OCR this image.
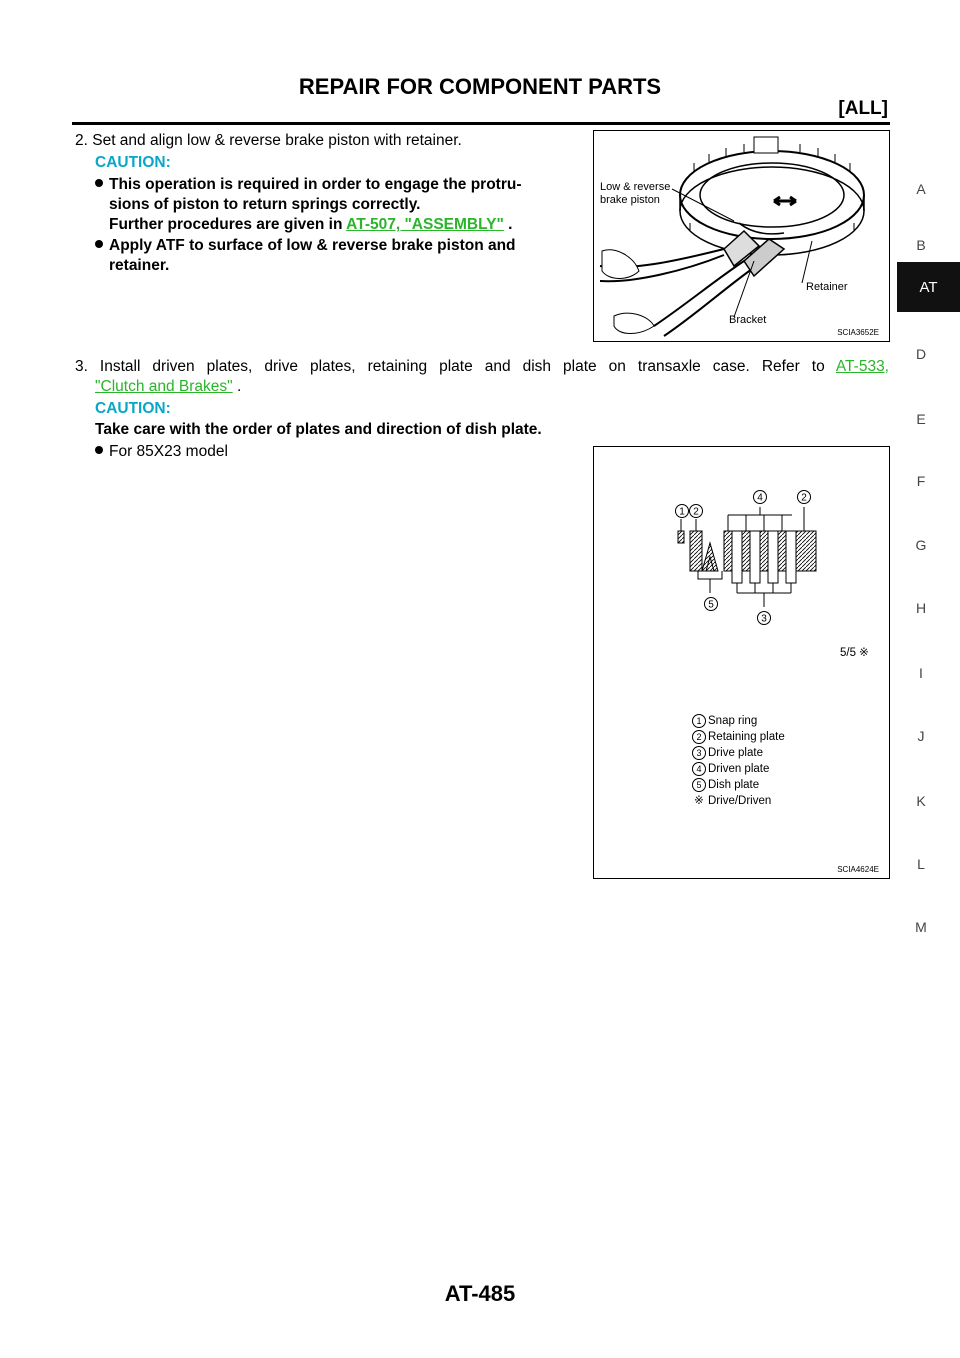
REPAIR FOR COMPONENT PARTS
[ALL]
A
B
AT
D
E
F
G
H
I
J
K
L
M
2. Set and align low & reverse brake piston with retainer.
CAUTION:
This operation is required in order to engage the protru-
sions of piston to return springs correctly.
Further procedures are given in AT-507, "ASSEMBLY" .
Apply ATF to surface of low & reverse brake piston and
retainer.
Low & reverse
brake piston
Retainer
Bracket
SCIA3652E
3. Install driven plates, drive plates, retaining plate and dish plate on transaxle case. Refer to AT-533,
"Clutch and Brakes" .
CAUTION:
Take care with the order of plates and direction of dish plate.
For 85X23 model
1 2
4	2
5
3
5/5 ※
1 Snap ring
2 Retaining plate
3 Drive plate
4 Driven plate
5 Dish plate
※ Drive/Driven
SCIA4624E
AT-485
